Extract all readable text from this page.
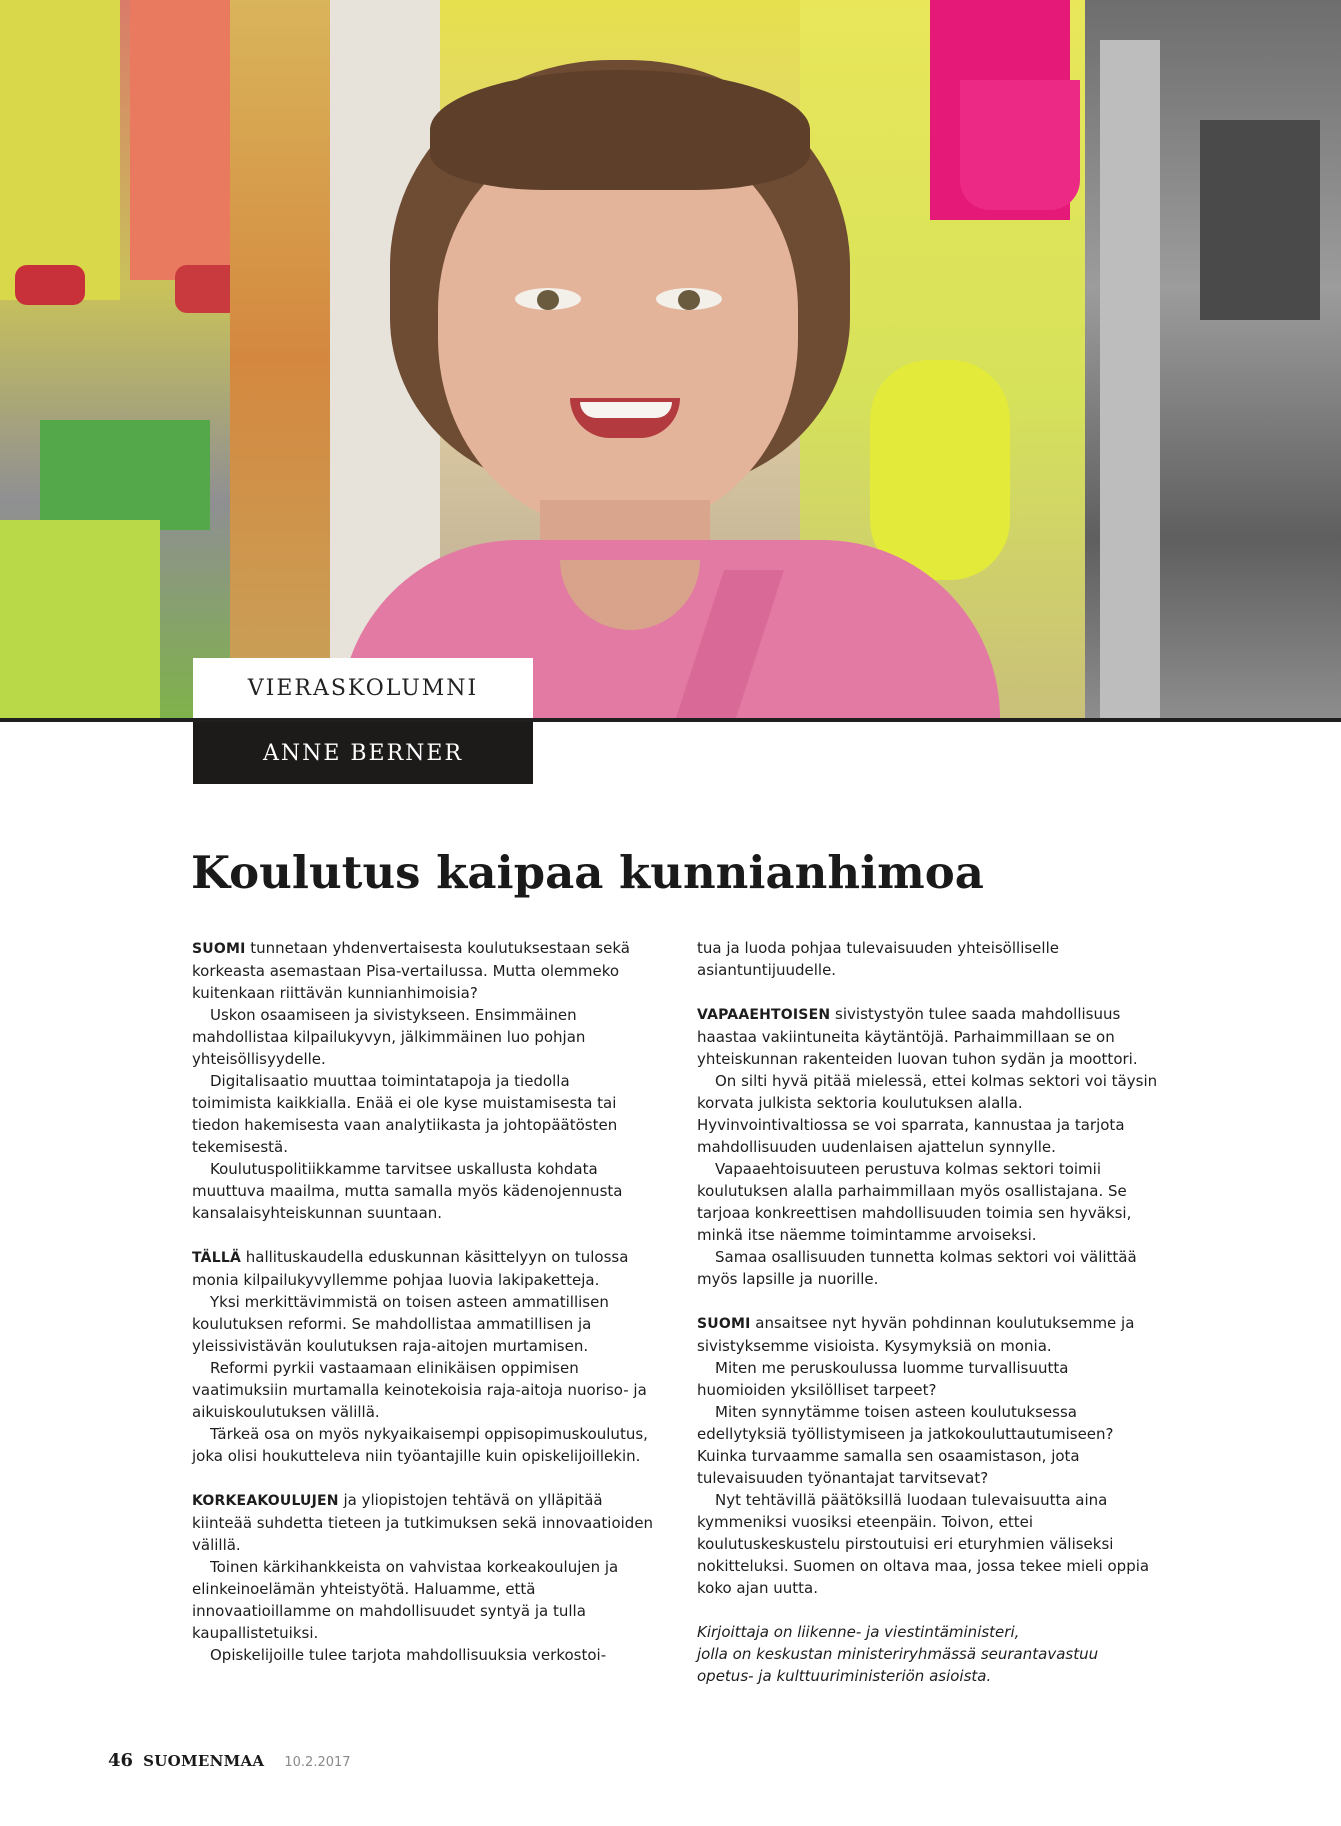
VIERASKOLUMNI
ANNE BERNER
Koulutus kaipaa kunnianhimoa

SUOMI tunnetaan yhdenvertaisesta koulutuksestaan sekä korkeasta asemastaan Pisa-vertailussa. Mutta olemmeko kuitenkaan riittävän kunnianhimoisia?

Uskon osaamiseen ja sivistykseen. Ensimmäinen mahdollistaa kilpailukyvyn, jälkimmäinen luo pohjan yhteisöllisyydelle.

Digitalisaatio muuttaa toimintatapoja ja tiedolla toimimista kaikkialla. Enää ei ole kyse muistamisesta tai tiedon hakemisesta vaan analytiikasta ja johtopäätösten tekemisestä.

Koulutuspolitiikkamme tarvitsee uskallusta kohdata muuttuva maailma, mutta samalla myös kädenojennusta kansalaisyhteiskunnan suuntaan.

TÄLLÄ hallituskaudella eduskunnan käsittelyyn on tulossa monia kilpailukyvyllemme pohjaa luovia lakipaketteja.

Yksi merkittävimmistä on toisen asteen ammatillisen koulutuksen reformi. Se mahdollistaa ammatillisen ja yleissivistävän koulutuksen raja-aitojen murtamisen.

Reformi pyrkii vastaamaan elinikäisen oppimisen vaatimuksiin murtamalla keinotekoisia raja-aitoja nuoriso- ja aikuiskoulutuksen välillä.

Tärkeä osa on myös nykyaikaisempi oppisopimuskoulutus, joka olisi houkutteleva niin työantajille kuin opiskelijoillekin.

KORKEAKOULUJEN ja yliopistojen tehtävä on ylläpitää kiinteää suhdetta tieteen ja tutkimuksen sekä innovaatioiden välillä.

Toinen kärkihankkeista on vahvistaa korkeakoulujen ja elinkeinoelämän yhteistyötä. Haluamme, että innovaatioillamme on mahdollisuudet syntyä ja tulla kaupallistetuiksi.

Opiskelijoille tulee tarjota mahdollisuuksia verkostoi-

tua ja luoda pohjaa tulevaisuuden yhteisölliselle asiantuntijuudelle.

VAPAAEHTOISEN sivistystyön tulee saada mahdollisuus haastaa vakiintuneita käytäntöjä. Parhaimmillaan se on yhteiskunnan rakenteiden luovan tuhon sydän ja moottori.

On silti hyvä pitää mielessä, ettei kolmas sektori voi täysin korvata julkista sektoria koulutuksen alalla. Hyvinvointivaltiossa se voi sparrata, kannustaa ja tarjota mahdollisuuden uudenlaisen ajattelun synnylle.

Vapaaehtoisuuteen perustuva kolmas sektori toimii koulutuksen alalla parhaimmillaan myös osallistajana. Se tarjoaa konkreettisen mahdollisuuden toimia sen hyväksi, minkä itse näemme toimintamme arvoiseksi.

Samaa osallisuuden tunnetta kolmas sektori voi välittää myös lapsille ja nuorille.

SUOMI ansaitsee nyt hyvän pohdinnan koulutuksemme ja sivistyksemme visioista. Kysymyksiä on monia.

Miten me peruskoulussa luomme turvallisuutta huomioiden yksilölliset tarpeet?

Miten synnytämme toisen asteen koulutuksessa edellytyksiä työllistymiseen ja jatkokouluttautumiseen? Kuinka turvaamme samalla sen osaamistason, jota tulevaisuuden työnantajat tarvitsevat?

Nyt tehtävillä päätöksillä luodaan tulevaisuutta aina kymmeniksi vuosiksi eteenpäin. Toivon, ettei koulutuskeskustelu pirstoutuisi eri eturyhmien väliseksi nokitteluksi. Suomen on oltava maa, jossa tekee mieli oppia koko ajan uutta.

Kirjoittaja on liikenne- ja viestintäministeri,
jolla on keskustan ministeriryhmässä seurantavastuu
opetus- ja kulttuuriministeriön asioista.

46 SUOMENMAA 10.2.2017
